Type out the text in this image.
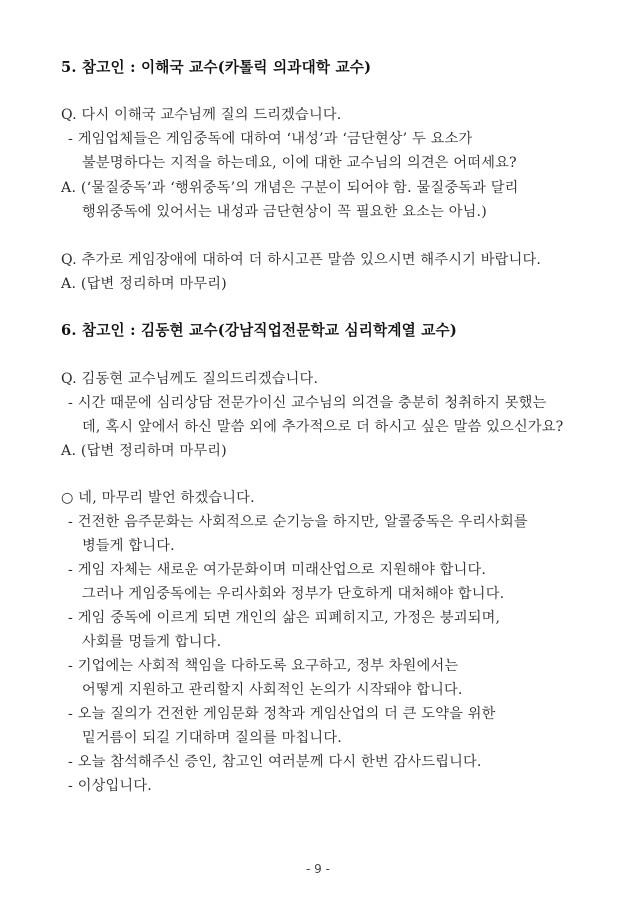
5. 참고인 : 이해국 교수(카톨릭 의과대학 교수)
Q. 다시 이해국 교수님께 질의 드리겠습니다.
- 게임업체들은 게임중독에 대하여 ‘내성’과 ‘금단현상’ 두 요소가
불분명하다는 지적을 하는데요, 이에 대한 교수님의 의견은 어떠세요?
A. (‘물질중독’과 ‘행위중독’의 개념은 구분이 되어야 함. 물질중독과 달리
행위중독에 있어서는 내성과 금단현상이 꼭 필요한 요소는 아님.)
Q. 추가로 게임장애에 대하여 더 하시고픈 말씀 있으시면 해주시기 바랍니다.
A. (답변 정리하며 마무리)
6. 참고인 : 김동현 교수(강남직업전문학교 심리학계열 교수)
Q. 김동현 교수님께도 질의드리겠습니다.
- 시간 때문에 심리상담 전문가이신 교수님의 의견을 충분히 청취하지 못했는
데, 혹시 앞에서 하신 말씀 외에 추가적으로 더 하시고 싶은 말씀 있으신가요?
A. (답변 정리하며 마무리)
○ 네, 마무리 발언 하겠습니다.
- 건전한 음주문화는 사회적으로 순기능을 하지만, 알콜중독은 우리사회를
병들게 합니다.
- 게임 자체는 새로운 여가문화이며 미래산업으로 지원해야 합니다.
그러나 게임중독에는 우리사회와 정부가 단호하게 대처해야 합니다.
- 게임 중독에 이르게 되면 개인의 삶은 피폐히지고, 가정은 붕괴되며,
사회를 멍들게 합니다.
- 기업에는 사회적 책임을 다하도록 요구하고, 정부 차원에서는
어떻게 지원하고 관리할지 사회적인 논의가 시작돼야 합니다.
- 오늘 질의가 건전한 게임문화 정착과 게임산업의 더 큰 도약을 위한
밑거름이 되길 기대하며 질의를 마칩니다.
- 오늘 참석해주신 증인, 참고인 여러분께 다시 한번 감사드립니다.
- 이상입니다.
- 9 -
